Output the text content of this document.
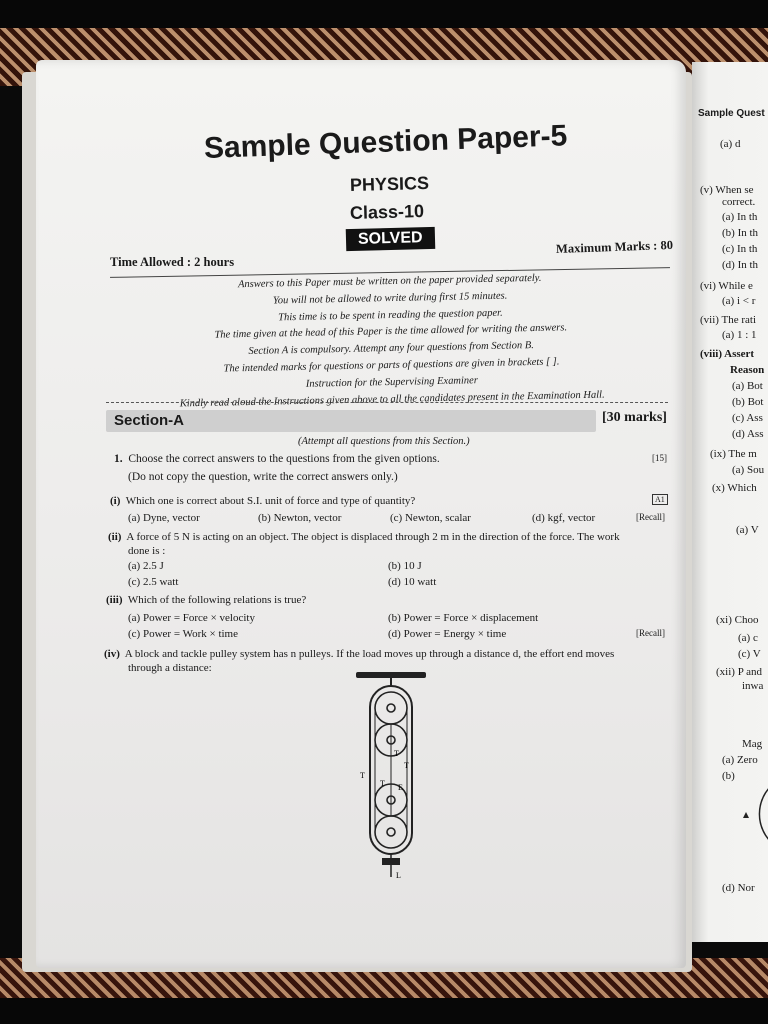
Sample Question Paper-5
PHYSICS
Class-10
SOLVED
Time Allowed : 2 hours
Maximum Marks : 80
Answers to this Paper must be written on the paper provided separately.
You will not be allowed to write during first 15 minutes.
This time is to be spent in reading the question paper.
The time given at the head of this Paper is the time allowed for writing the answers.
Section A is compulsory. Attempt any four questions from Section B.
The intended marks for questions or parts of questions are given in brackets [ ].
Instruction for the Supervising Examiner
Kindly read aloud the Instructions given above to all the candidates present in the Examination Hall.
Section-A	[30 marks]
(Attempt all questions from this Section.)
1. Choose the correct answers to the questions from the given options.	[15]
(Do not copy the question, write the correct answers only.)
(i) Which one is correct about S.I. unit of force and type of quantity?	A1
(a) Dyne, vector	(b) Newton, vector	(c) Newton, scalar	(d) kgf, vector	[Recall]
(ii) A force of 5 N is acting on an object. The object is displaced through 2 m in the direction of the force. The work
done is :
(a) 2.5 J	(b) 10 J
(c) 2.5 watt	(d) 10 watt
(iii) Which of the following relations is true?
(a) Power = Force × velocity	(b) Power = Force × displacement
(c) Power = Work × time	(d) Power = Energy × time	[Recall]
(iv) A block and tackle pulley system has n pulleys. If the load moves up through a distance d, the effort end moves
through a distance:
T
T
T
T
E
L
Sample Quest
(a) d
(v) When se
correct.
(a) In th
(b) In th
(c) In th
(d) In th
(vi) While e
(a) i < r
(vii) The rati
(a) 1 : 1
(viii) Assert
Reason
(a) Bot
(b) Bot
(c) Ass
(d) Ass
(ix) The m
(a) Sou
(x) Which
(a) V
(xi) Choo
(a) c
(c) V
(xii) P and
inwa
Mag
(a) Zero
(b)
(d) Nor
